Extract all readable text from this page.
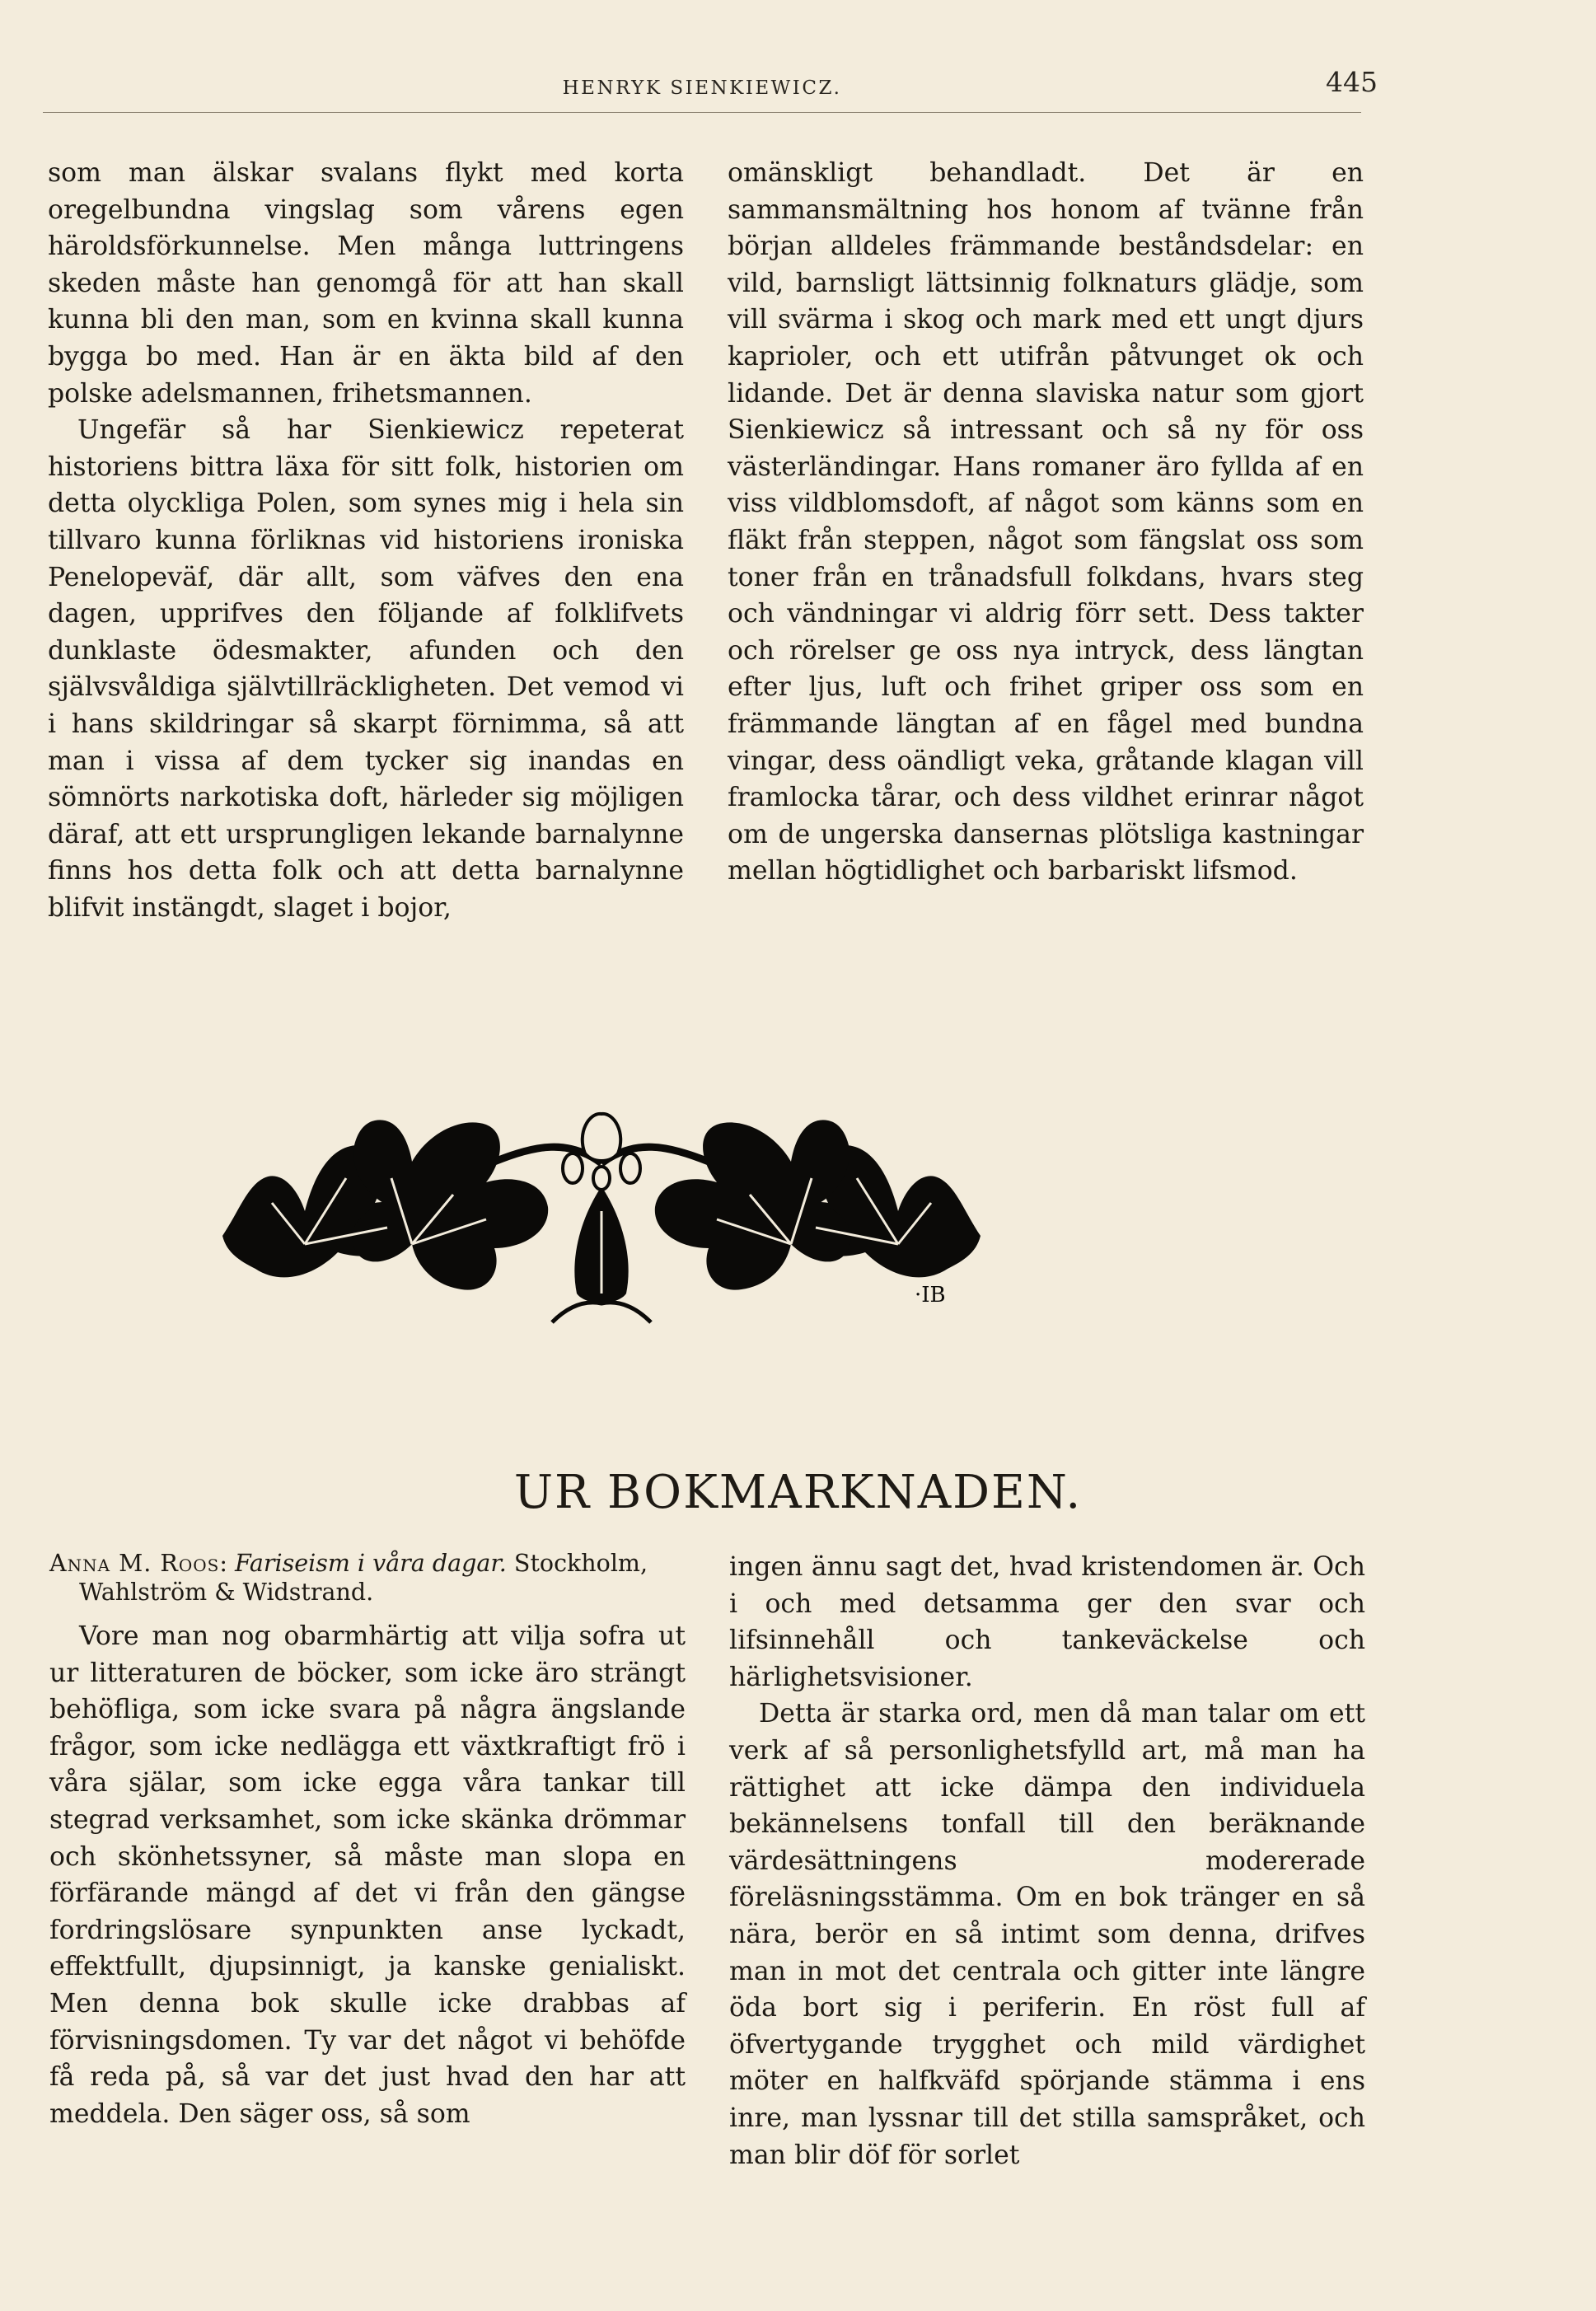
HENRYK SIENKIEWICZ.	445

som man älskar svalans flykt med korta oregelbundna vingslag som vårens egen häroldsförkunnelse. Men många luttringens skeden måste han genomgå för att han skall kunna bli den man, som en kvinna skall kunna bygga bo med. Han är en äkta bild af den polske adelsmannen, frihetsmannen.

Ungefär så har Sienkiewicz repeterat historiens bittra läxa för sitt folk, historien om detta olyckliga Polen, som synes mig i hela sin tillvaro kunna förliknas vid historiens ironiska Penelopeväf, där allt, som väfves den ena dagen, upprifves den följande af folklifvets dunklaste ödesmakter, afunden och den självsvåldiga självtillräckligheten. Det vemod vi i hans skildringar så skarpt förnimma, så att man i vissa af dem tycker sig inandas en sömnörts narkotiska doft, härleder sig möjligen däraf, att ett ursprungligen lekande barnalynne finns hos detta folk och att detta barnalynne blifvit instängdt, slaget i bojor,

omänskligt behandladt. Det är en sammansmältning hos honom af tvänne från början alldeles främmande beståndsdelar: en vild, barnsligt lättsinnig folknaturs glädje, som vill svärma i skog och mark med ett ungt djurs kaprioler, och ett utifrån påtvunget ok och lidande. Det är denna slaviska natur som gjort Sienkiewicz så intressant och så ny för oss västerländingar. Hans romaner äro fyllda af en viss vildblomsdoft, af något som känns som en fläkt från steppen, något som fängslat oss som toner från en trånadsfull folkdans, hvars steg och vändningar vi aldrig förr sett. Dess takter och rörelser ge oss nya intryck, dess längtan efter ljus, luft och frihet griper oss som en främmande längtan af en fågel med bundna vingar, dess oändligt veka, gråtande klagan vill framlocka tårar, och dess vildhet erinrar något om de ungerska dansernas plötsliga kastningar mellan högtidlighet och barbariskt lifsmod.

·IB
UR BOKMARKNADEN.

Anna M. Roos: Fariseism i våra dagar. Stockholm, Wahlström & Widstrand.

Vore man nog obarmhärtig att vilja sofra ut ur litteraturen de böcker, som icke äro strängt behöfliga, som icke svara på några ängslande frågor, som icke nedlägga ett växtkraftigt frö i våra själar, som icke egga våra tankar till stegrad verksamhet, som icke skänka drömmar och skönhetssyner, så måste man slopa en förfärande mängd af det vi från den gängse fordringslösare synpunkten anse lyckadt, effektfullt, djupsinnigt, ja kanske genialiskt. Men denna bok skulle icke drabbas af förvisningsdomen. Ty var det något vi behöfde få reda på, så var det just hvad den har att meddela. Den säger oss, så som

ingen ännu sagt det, hvad kristendomen är. Och i och med detsamma ger den svar och lifsinnehåll och tankeväckelse och härlighetsvisioner.

Detta är starka ord, men då man talar om ett verk af så personlighetsfylld art, må man ha rättighet att icke dämpa den individuela bekännelsens tonfall till den beräknande värdesättningens modererade föreläsningsstämma. Om en bok tränger en så nära, berör en så intimt som denna, drifves man in mot det centrala och gitter inte längre öda bort sig i periferin. En röst full af öfvertygande trygghet och mild värdighet möter en halfkväfd spörjande stämma i ens inre, man lyssnar till det stilla samspråket, och man blir döf för sorlet
